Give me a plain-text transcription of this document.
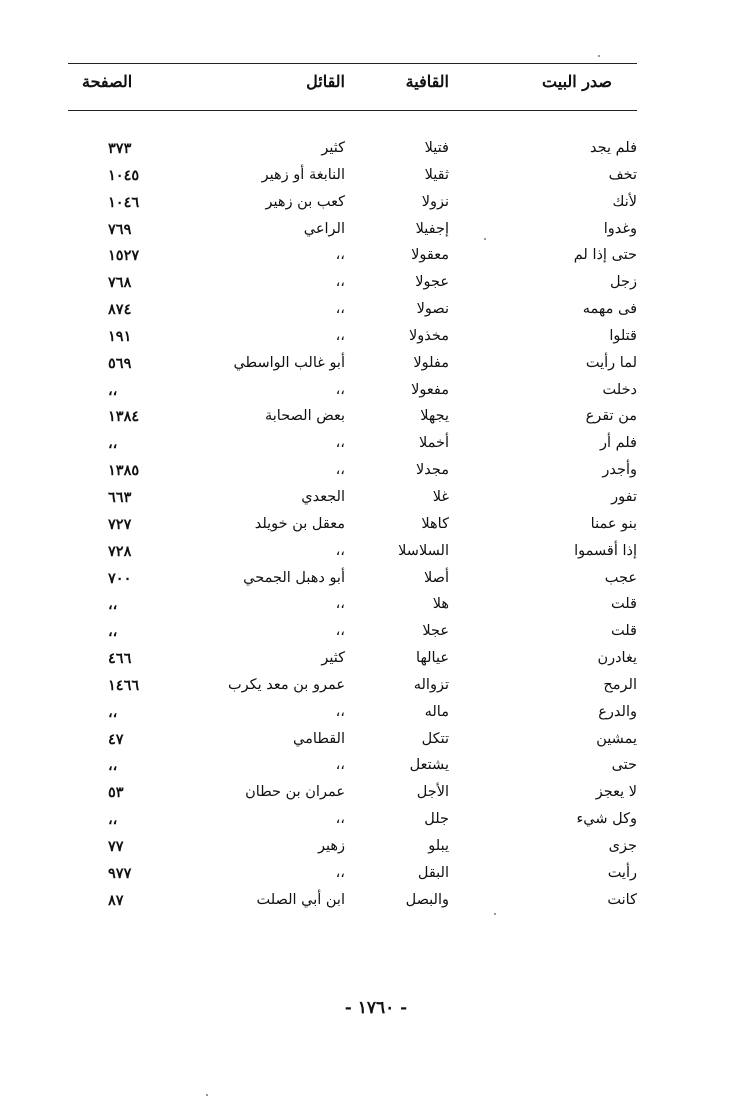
صدر البيت
القافية
القائل
الصفحة
فلم يجد
فتيلا
كثير
٣٧٣
تخف
ثقيلا
النابغة أو زهير
١٠٤٥
لأنك
نزولا
كعب بن زهير
١٠٤٦
وغدوا
إجفيلا
الراعي
٧٦٩
حتى إذا لم
معقولا
،،
١٥٢٧
زجل
عجولا
،،
٧٦٨
فى مهمه
نصولا
،،
٨٧٤
قتلوا
مخذولا
،،
١٩١
لما رأيت
مفلولا
أبو غالب الواسطي
٥٦٩
دخلت
مفعولا
،،
،،
من تقرع
يجهلا
بعض الصحابة
١٣٨٤
فلم أر
أخملا
،،
،،
وأجدر
مجدلا
،،
١٣٨٥
تفور
غلا
الجعدي
٦٦٣
بنو عمنا
كاهلا
معقل بن خويلد
٧٢٧
إذا أقسموا
السلاسلا
،،
٧٢٨
عجب
أصلا
أبو دهبل الجمحي
٧٠٠
قلت
هلا
،،
،،
قلت
عجلا
،،
،،
يغادرن
عيالها
كثير
٤٦٦
الرمح
تزواله
عمرو بن معد يكرب
١٤٦٦
والدرع
ماله
،،
،،
يمشين
تتكل
القطامي
٤٧
حتى
يشتعل
،،
،،
لا يعجز
الأجل
عمران بن حطان
٥٣
وكل شيء
جلل
،،
،،
جزى
يبلو
زهير
٧٧
رأيت
البقل
،،
٩٧٧
كانت
والبصل
ابن أبي الصلت
٨٧
- ١٧٦٠ -
